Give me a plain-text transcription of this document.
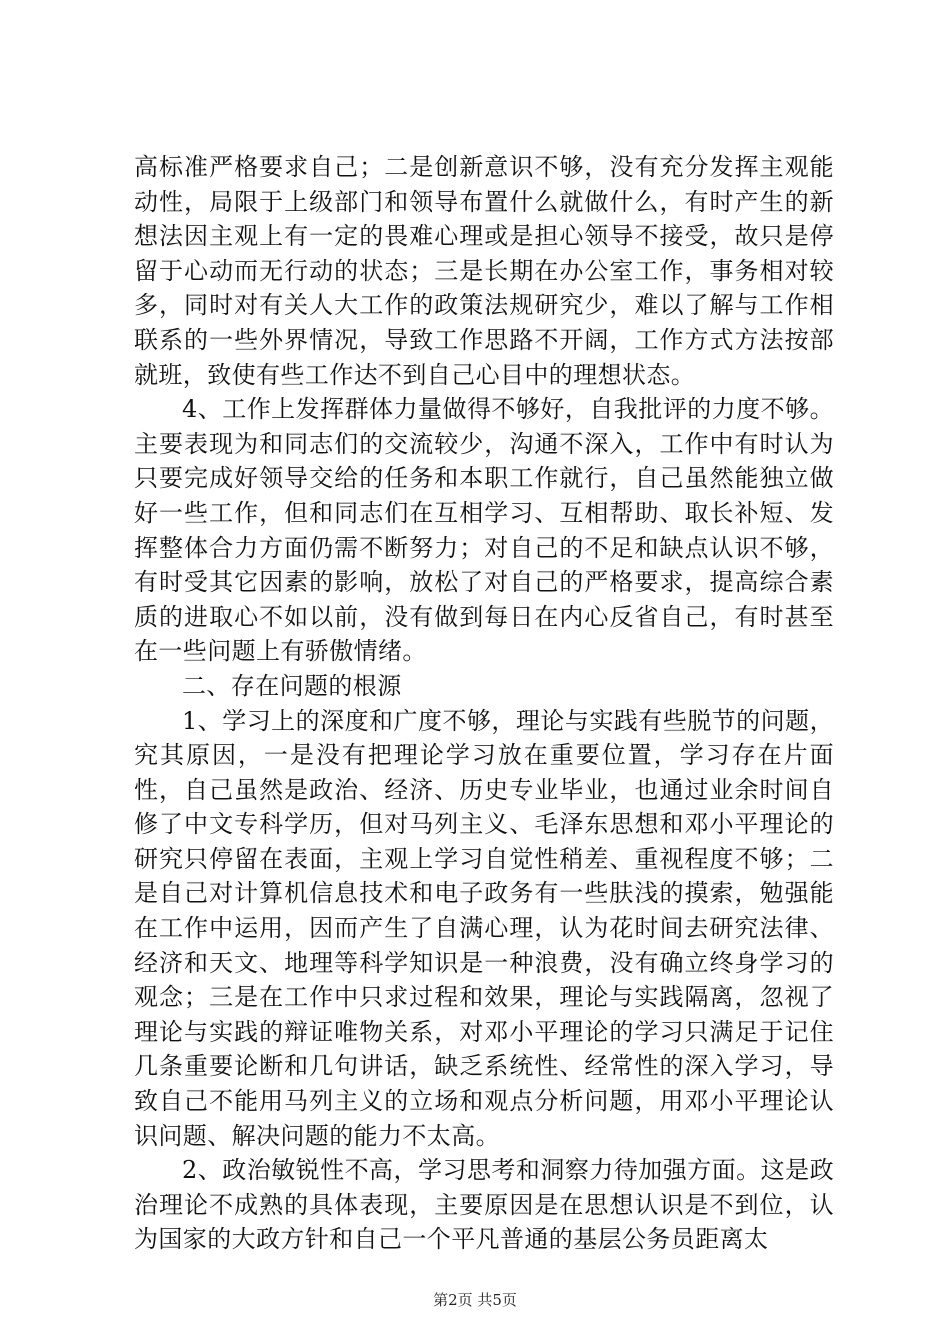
高标准严格要求自己；二是创新意识不够，没有充分发挥主观能动性，局限于上级部门和领导布置什么就做什么，有时产生的新想法因主观上有一定的畏难心理或是担心领导不接受，故只是停留于心动而无行动的状态；三是长期在办公室工作，事务相对较多，同时对有关人大工作的政策法规研究少，难以了解与工作相联系的一些外界情况，导致工作思路不开阔，工作方式方法按部就班，致使有些工作达不到自己心目中的理想状态。

4、工作上发挥群体力量做得不够好，自我批评的力度不够。主要表现为和同志们的交流较少，沟通不深入，工作中有时认为只要完成好领导交给的任务和本职工作就行，自己虽然能独立做好一些工作，但和同志们在互相学习、互相帮助、取长补短、发挥整体合力方面仍需不断努力；对自己的不足和缺点认识不够，有时受其它因素的影响，放松了对自己的严格要求，提高综合素质的进取心不如以前，没有做到每日在内心反省自己，有时甚至在一些问题上有骄傲情绪。

二、存在问题的根源

1、学习上的深度和广度不够，理论与实践有些脱节的问题，究其原因，一是没有把理论学习放在重要位置，学习存在片面性，自己虽然是政治、经济、历史专业毕业，也通过业余时间自修了中文专科学历，但对马列主义、毛泽东思想和邓小平理论的研究只停留在表面，主观上学习自觉性稍差、重视程度不够；二是自己对计算机信息技术和电子政务有一些肤浅的摸索，勉强能在工作中运用，因而产生了自满心理，认为花时间去研究法律、经济和天文、地理等科学知识是一种浪费，没有确立终身学习的观念；三是在工作中只求过程和效果，理论与实践隔离，忽视了理论与实践的辩证唯物关系，对邓小平理论的学习只满足于记住几条重要论断和几句讲话，缺乏系统性、经常性的深入学习，导致自己不能用马列主义的立场和观点分析问题，用邓小平理论认识问题、解决问题的能力不太高。

2、政治敏锐性不高，学习思考和洞察力待加强方面。这是政治理论不成熟的具体表现，主要原因是在思想认识是不到位，认为国家的大政方针和自己一个平凡普通的基层公务员距离太

第2页 共5页
